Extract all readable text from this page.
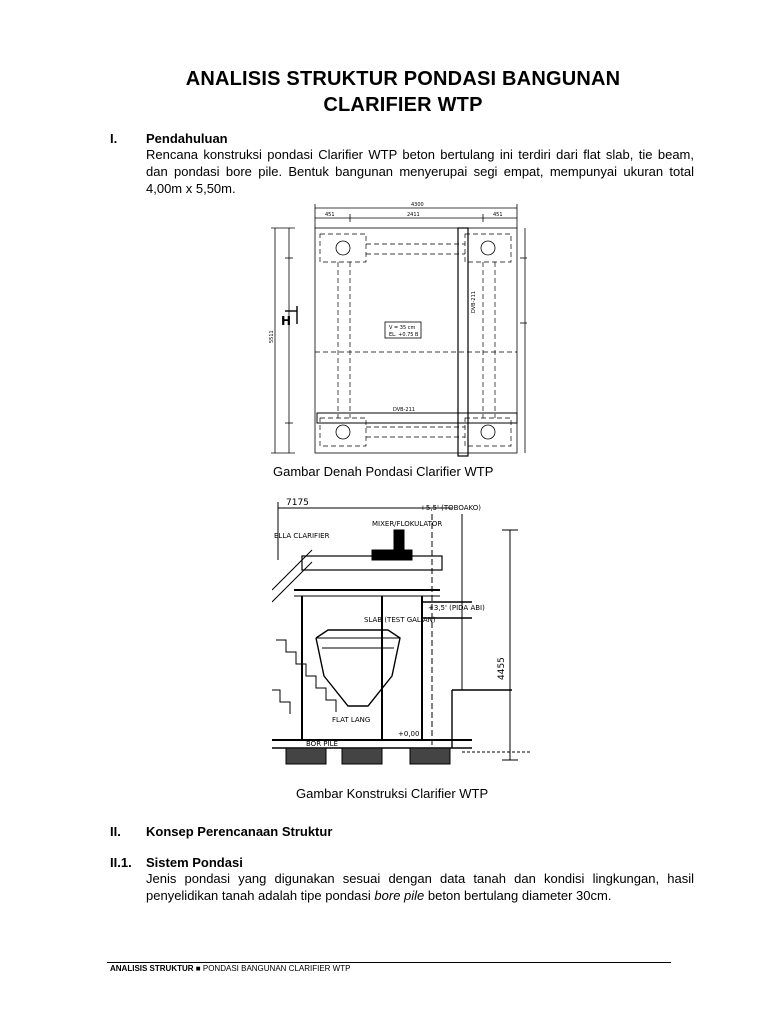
ANALISIS STRUKTUR PONDASI BANGUNAN
CLARIFIER WTP
I. Pendahuluan
Rencana konstruksi pondasi Clarifier WTP beton bertulang ini terdiri dari flat slab, tie beam, dan pondasi bore pile. Bentuk bangunan menyerupai segi empat, mempunyai ukuran total 4,00m x 5,50m.
4300
451	2411	451
5511
DVB-211
DVB-211
V = 35 cm
EL. +0.75 B
H
Gambar Denah Pondasi Clarifier WTP
7175
ELLA CLARIFIER
MIXER/FLOKULATOR
4455
+5,5' (TOBOAKO)
+3,5' (PIDA ABI)
SLAB (TEST GALIAN)
FLAT LANG
BOR PILE
+0,00
Gambar Konstruksi Clarifier WTP
II. Konsep Perencanaan Struktur
II.1. Sistem Pondasi
Jenis pondasi yang digunakan sesuai dengan data tanah dan kondisi lingkungan, hasil penyelidikan tanah adalah tipe pondasi bore pile beton bertulang diameter 30cm.
ANALISIS STRUKTUR ■ PONDASI BANGUNAN CLARIFIER WTP
